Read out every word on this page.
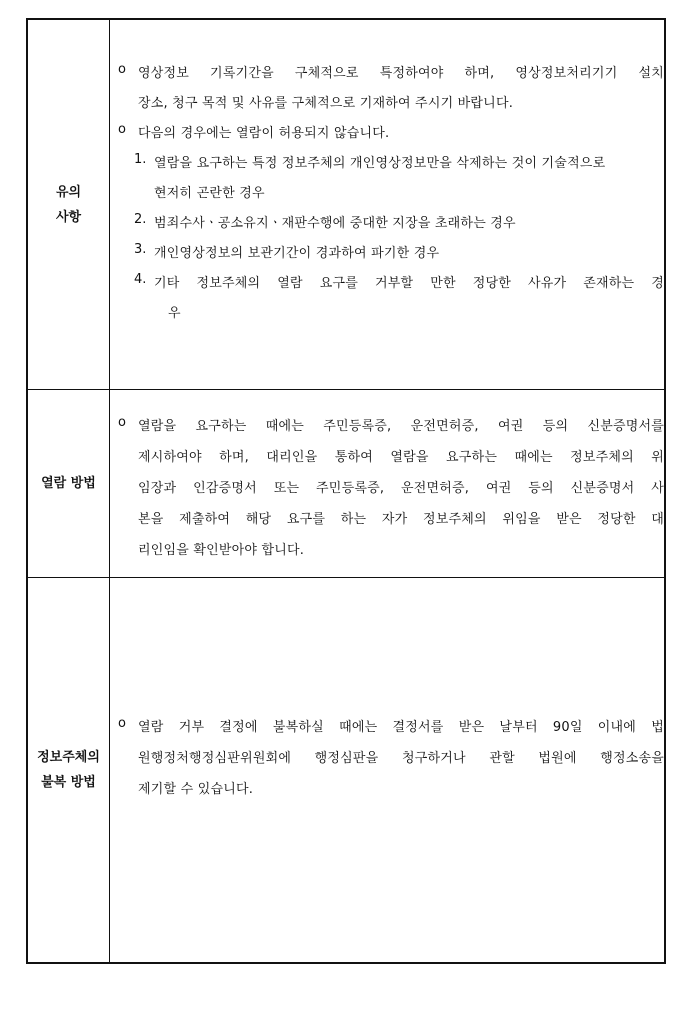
유의
사항
o 영상정보 기록기간을 구체적으로 특정하여야 하며, 영상정보처리기기 설치
장소, 청구 목적 및 사유를 구체적으로 기재하여 주시기 바랍니다.
o 다음의 경우에는 열람이 허용되지 않습니다.
1. 열람을 요구하는 특정 정보주체의 개인영상정보만을 삭제하는 것이 기술적으로
현저히 곤란한 경우
2. 범죄수사ㆍ공소유지ㆍ재판수행에 중대한 지장을 초래하는 경우
3. 개인영상정보의 보관기간이 경과하여 파기한 경우
4. 기타 정보주체의 열람 요구를 거부할 만한 정당한 사유가 존재하는 경
우
열람 방법
o 열람을 요구하는 때에는 주민등록증, 운전면허증, 여권 등의 신분증명서를
제시하여야 하며, 대리인을 통하여 열람을 요구하는 때에는 정보주체의 위
임장과 인감증명서 또는 주민등록증, 운전면허증, 여권 등의 신분증명서 사
본을 제출하여 해당 요구를 하는 자가 정보주체의 위임을 받은 정당한 대
리인임을 확인받아야 합니다.
정보주체의
불복 방법
o 열람 거부 결정에 불복하실 때에는 결정서를 받은 날부터 90일 이내에 법
원행정처행정심판위원회에 행정심판을 청구하거나 관할 법원에 행정소송을
제기할 수 있습니다.
